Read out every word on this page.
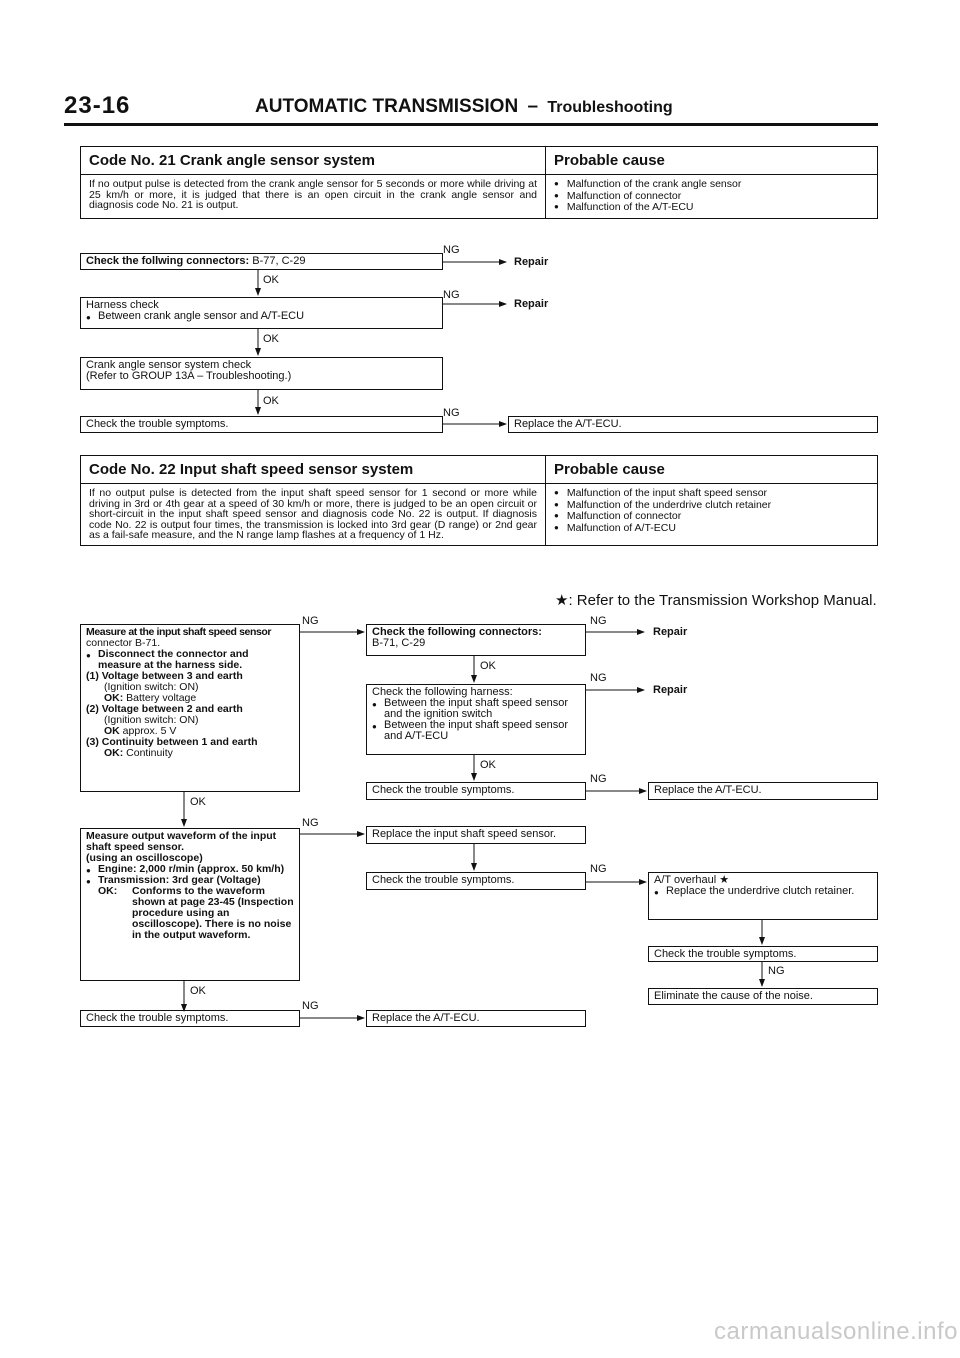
23-16	AUTOMATIC TRANSMISSION – Troubleshooting
Code No. 21 Crank angle sensor system	Probable cause
If no output pulse is detected from the crank angle sensor for 5 seconds or more while driving at 25 km/h or more, it is judged that there is an open circuit in the crank angle sensor and diagnosis code No. 21 is output.
● Malfunction of the crank angle sensor
● Malfunction of connector
● Malfunction of the A/T-ECU
Check the follwing connectors: B-77, C-29
NG
Repair
OK
Harness check
● Between crank angle sensor and A/T-ECU
NG
Repair
OK
Crank angle sensor system check
(Refer to GROUP 13A – Troubleshooting.)
OK
Check the trouble symptoms.
NG
Replace the A/T-ECU.
Code No. 22 Input shaft speed sensor system	Probable cause
If no output pulse is detected from the input shaft speed sensor for 1 second or more while driving in 3rd or 4th gear at a speed of 30 km/h or more, there is judged to be an open circuit or short-circuit in the input shaft speed sensor and diagnosis code No. 22 is output. If diagnosis code No. 22 is output four times, the transmission is locked into 3rd gear (D range) or 2nd gear as a fail-safe measure, and the N range lamp flashes at a frequency of 1 Hz.
● Malfunction of the input shaft speed sensor
● Malfunction of the underdrive clutch retainer
● Malfunction of connector
● Malfunction of A/T-ECU
★: Refer to the Transmission Workshop Manual.
Measure at the input shaft speed sensor
connector B-71.
● Disconnect the connector and measure at the harness side.
(1) Voltage between 3 and earth
(Ignition switch: ON)
OK: Battery voltage
(2) Voltage between 2 and earth
(Ignition switch: ON)
OK approx. 5 V
(3) Continuity between 1 and earth
OK: Continuity
NG
OK
Measure output waveform of the input shaft speed sensor.
(using an oscilloscope)
● Engine: 2,000 r/min (approx. 50 km/h)
● Transmission: 3rd gear (Voltage)
OK:	Conforms to the waveform shown at page 23-45 (Inspection procedure using an oscilloscope). There is no noise in the output waveform.
NG
OK
Check the trouble symptoms.
NG
Check the following connectors:
B-71, C-29
NG
Repair
OK
Check the following harness:
● Between the input shaft speed sensor and the ignition switch
● Between the input shaft speed sensor and A/T-ECU
NG
Repair
OK
Check the trouble symptoms.
NG
Replace the A/T-ECU.
Replace the input shaft speed sensor.
Check the trouble symptoms.
NG
Replace the A/T-ECU.
A/T overhaul ★
● Replace the underdrive clutch retainer.
Check the trouble symptoms.
NG
Eliminate the cause of the noise.
carmanualsonline.info
